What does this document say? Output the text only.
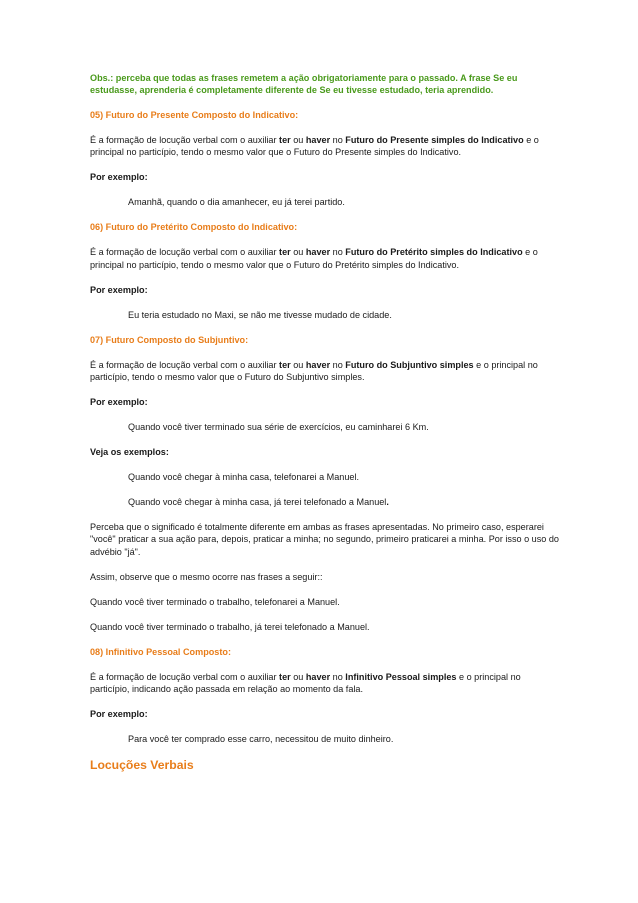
Obs.: perceba que todas as frases remetem a ação obrigatoriamente para o passado. A frase Se eu estudasse, aprenderia é completamente diferente de Se eu tivesse estudado, teria aprendido.

05) Futuro do Presente Composto do Indicativo:

É a formação de locução verbal com o auxiliar ter ou haver no Futuro do Presente simples do Indicativo e o principal no particípio, tendo o mesmo valor que o Futuro do Presente simples do Indicativo.

Por exemplo:

Amanhã, quando o dia amanhecer, eu já terei partido.

06) Futuro do Pretérito Composto do Indicativo:

É a formação de locução verbal com o auxiliar ter ou haver no Futuro do Pretérito simples do Indicativo e o principal no particípio, tendo o mesmo valor que o Futuro do Pretérito simples do Indicativo.

Por exemplo:

Eu teria estudado no Maxi, se não me tivesse mudado de cidade.

07) Futuro Composto do Subjuntivo:

É a formação de locução verbal com o auxiliar ter ou haver no Futuro do Subjuntivo simples e o principal no particípio, tendo o mesmo valor que o Futuro do Subjuntivo simples.

Por exemplo:

Quando você tiver terminado sua série de exercícios, eu caminharei 6 Km.

Veja os exemplos:

Quando você chegar à minha casa, telefonarei a Manuel.

Quando você chegar à minha casa, já terei telefonado a Manuel.

Perceba que o significado é totalmente diferente em ambas as frases apresentadas. No primeiro caso, esperarei "você" praticar a sua ação para, depois, praticar a minha; no segundo, primeiro praticarei a minha. Por isso o uso do advébio "já".

Assim, observe que o mesmo ocorre nas frases a seguir::

Quando você tiver terminado o trabalho, telefonarei a Manuel.

Quando você tiver terminado o trabalho, já terei telefonado a Manuel.

08) Infinitivo Pessoal Composto:

É a formação de locução verbal com o auxiliar ter ou haver no Infinitivo Pessoal simples e o principal no particípio, indicando ação passada em relação ao momento da fala.

Por exemplo:

Para você ter comprado esse carro, necessitou de muito dinheiro.

Locuções Verbais
